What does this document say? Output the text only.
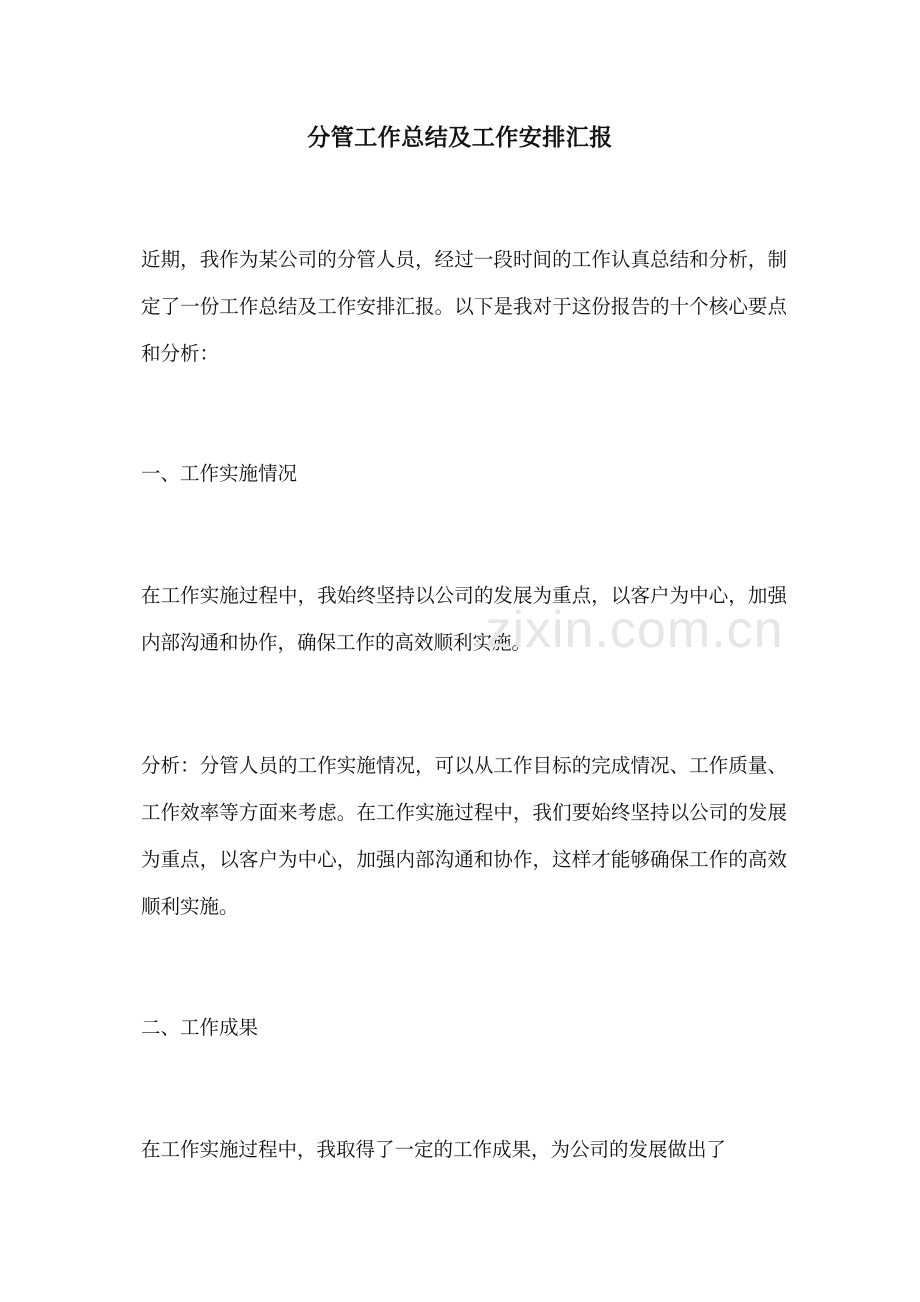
分管工作总结及工作安排汇报

近期，我作为某公司的分管人员，经过一段时间的工作认真总结和分析，制定了一份工作总结及工作安排汇报。以下是我对于这份报告的十个核心要点和分析：

一、工作实施情况

在工作实施过程中，我始终坚持以公司的发展为重点，以客户为中心，加强内部沟通和协作，确保工作的高效顺利实施。

分析：分管人员的工作实施情况，可以从工作目标的完成情况、工作质量、工作效率等方面来考虑。在工作实施过程中，我们要始终坚持以公司的发展为重点，以客户为中心，加强内部沟通和协作，这样才能够确保工作的高效顺利实施。

二、工作成果

在工作实施过程中，我取得了一定的工作成果，为公司的发展做出了

.zixin.com.cn
